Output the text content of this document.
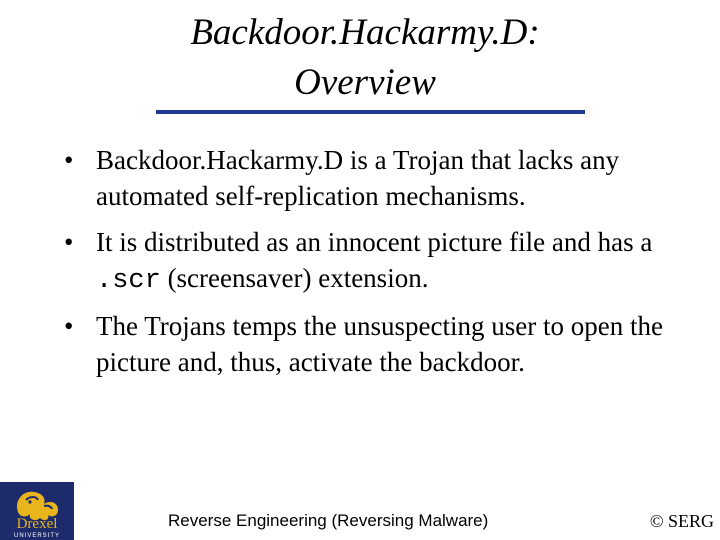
Backdoor.Hackarmy.D:
Overview
• Backdoor.Hackarmy.D is a Trojan that lacks any automated self-replication mechanisms.
• It is distributed as an innocent picture file and has a .scr (screensaver) extension.
• The Trojans temps the unsuspecting user to open the picture and, thus, activate the backdoor.
Drexel
UNIVERSITY
Reverse Engineering (Reversing Malware)	© SERG
